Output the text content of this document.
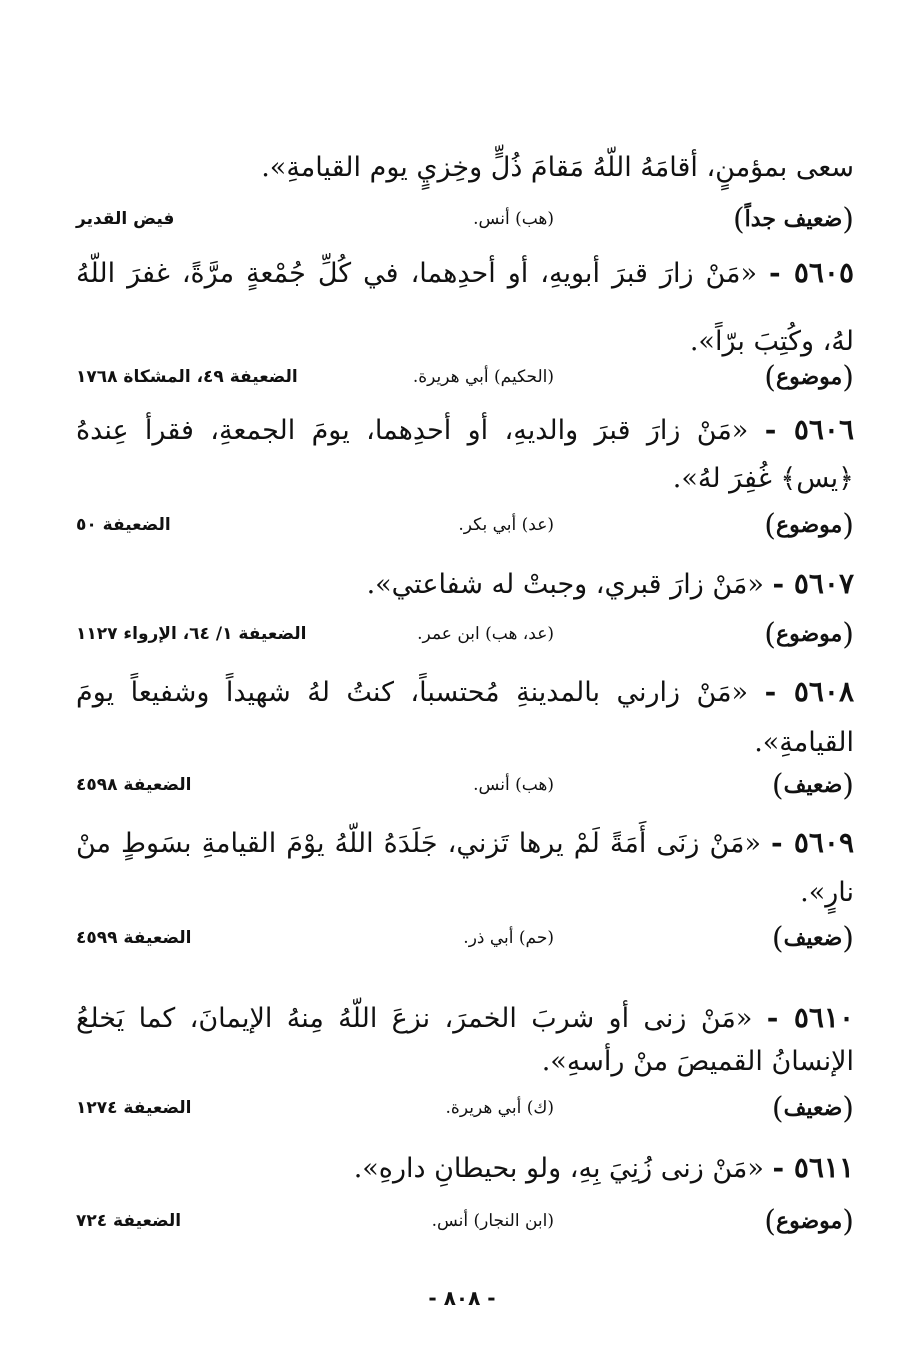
سعى بمؤمنٍ، أقامَهُ اللّهُ مَقامَ ذُلٍّ وخِزيٍ يوم القيامةِ».
( ضعيف جداً )
(هب) أنس.
فيض القدير
٥٦٠٥ - «مَنْ زارَ قبرَ أبويهِ، أو أحدِهما، في كُلِّ جُمْعةٍ مرَّةً، غفرَ اللّهُ
لهُ، وكُتِبَ برّاً».
( موضوع )
(الحكيم) أبي هريرة.
الضعيفة ٤٩، المشكاة ١٧٦٨
٥٦٠٦ - «مَنْ زارَ قبرَ والديهِ، أو أحدِهما، يومَ الجمعةِ، فقرأ عِندهُ
﴿يس﴾ غُفِرَ لهُ».
( موضوع )
(عد) أبي بكر.
الضعيفة ٥٠
٥٦٠٧ - «مَنْ زارَ قبري، وجبتْ له شفاعتي».
( موضوع )
(عد، هب) ابن عمر.
الضعيفة ١/ ٦٤، الإرواء ١١٢٧
٥٦٠٨ - «مَنْ زارني بالمدينةِ مُحتسباً، كنتُ لهُ شهيداً وشفيعاً يومَ
القيامةِ».
( ضعيف )
(هب) أنس.
الضعيفة ٤٥٩٨
٥٦٠٩ - «مَنْ زنَى أَمَةً لَمْ يرها تَزني، جَلَدَهُ اللّهُ يوْمَ القيامةِ بسَوطٍ منْ
نارٍ».
( ضعيف )
(حم) أبي ذر.
الضعيفة ٤٥٩٩
٥٦١٠ - «مَنْ زنى أو شربَ الخمرَ، نزعَ اللّهُ مِنهُ الإيمانَ، كما يَخلعُ
الإنسانُ القميصَ منْ رأسهِ».
( ضعيف )
(ك) أبي هريرة.
الضعيفة ١٢٧٤
٥٦١١ - «مَنْ زنى زُنِيَ بِهِ، ولو بحيطانِ دارهِ».
( موضوع )
(ابن النجار) أنس.
الضعيفة ٧٢٤
- ٨٠٨ -
